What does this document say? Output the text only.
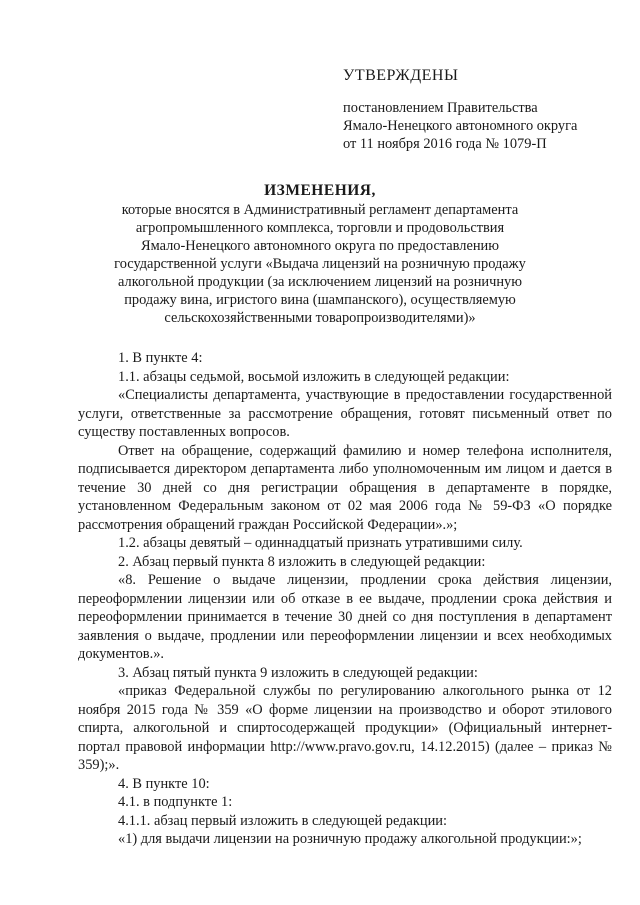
УТВЕРЖДЕНЫ
постановлением Правительства
Ямало-Ненецкого автономного округа
от 11 ноября 2016 года № 1079-П
ИЗМЕНЕНИЯ,
которые вносятся в Административный регламент департамента
агропромышленного комплекса, торговли и продовольствия
Ямало-Ненецкого автономного округа по предоставлению
государственной услуги «Выдача лицензий на розничную продажу
алкогольной продукции (за исключением лицензий на розничную
продажу вина, игристого вина (шампанского), осуществляемую
сельскохозяйственными товаропроизводителями)»
1. В пункте 4:
1.1. абзацы седьмой, восьмой изложить в следующей редакции:
«Специалисты департамента, участвующие в предоставлении государственной услуги, ответственные за рассмотрение обращения, готовят письменный ответ по существу поставленных вопросов.
Ответ на обращение, содержащий фамилию и номер телефона исполнителя, подписывается директором департамента либо уполномоченным им лицом и дается в течение 30 дней со дня регистрации обращения в департаменте в порядке, установленном Федеральным законом от 02 мая 2006 года № 59-ФЗ «О порядке рассмотрения обращений граждан Российской Федерации».»;
1.2. абзацы девятый – одиннадцатый признать утратившими силу.
2. Абзац первый пункта 8 изложить в следующей редакции:
«8. Решение о выдаче лицензии, продлении срока действия лицензии, переоформлении лицензии или об отказе в ее выдаче, продлении срока действия и переоформлении принимается в течение 30 дней со дня поступления в департамент заявления о выдаче, продлении или переоформлении лицензии и всех необходимых документов.».
3. Абзац пятый пункта 9 изложить в следующей редакции:
«приказ Федеральной службы по регулированию алкогольного рынка от 12 ноября 2015 года № 359 «О форме лицензии на производство и оборот этилового спирта, алкогольной и спиртосодержащей продукции» (Официальный интернет-портал правовой информации http://www.pravo.gov.ru, 14.12.2015) (далее – приказ № 359);».
4. В пункте 10:
4.1. в подпункте 1:
4.1.1. абзац первый изложить в следующей редакции:
«1) для выдачи лицензии на розничную продажу алкогольной продукции:»;
